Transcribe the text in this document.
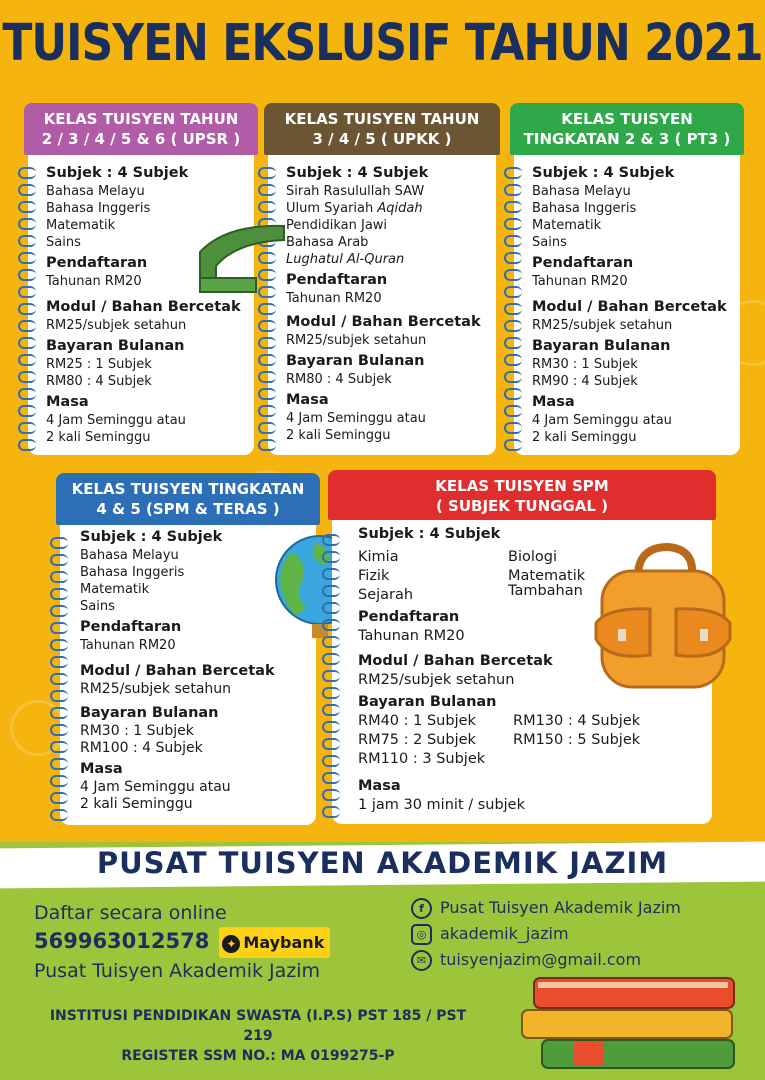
TUISYEN EKSLUSIF TAHUN 2021
KELAS TUISYEN TAHUN
2 / 3 / 4 / 5 & 6 ( UPSR )
Subjek : 4 Subjek
Bahasa Melayu
Bahasa Inggeris
Matematik
Sains
Pendaftaran
Tahunan RM20
Modul / Bahan Bercetak
RM25/subjek setahun
Bayaran Bulanan
RM25 : 1 Subjek
RM80 : 4 Subjek
Masa
4 Jam Seminggu atau
2 kali Seminggu
KELAS TUISYEN TAHUN
3 / 4 / 5 ( UPKK )
Subjek : 4 Subjek
Sirah Rasulullah SAW
Ulum Syariah Aqidah
Pendidikan Jawi
Bahasa Arab
Lughatul Al-Quran
Pendaftaran
Tahunan RM20
Modul / Bahan Bercetak
RM25/subjek setahun
Bayaran Bulanan
RM80 : 4 Subjek
Masa
4 Jam Seminggu atau
2 kali Seminggu
KELAS TUISYEN
TINGKATAN 2 & 3 ( PT3 )
Subjek : 4 Subjek
Bahasa Melayu
Bahasa Inggeris
Matematik
Sains
Pendaftaran
Tahunan RM20
Modul / Bahan Bercetak
RM25/subjek setahun
Bayaran Bulanan
RM30 : 1 Subjek
RM90 : 4 Subjek
Masa
4 Jam Seminggu atau
2 kali Seminggu
KELAS TUISYEN TINGKATAN
4 & 5 (SPM & TERAS )
Subjek : 4 Subjek
Bahasa Melayu
Bahasa Inggeris
Matematik
Sains
Pendaftaran
Tahunan RM20
Modul / Bahan Bercetak
RM25/subjek setahun
Bayaran Bulanan
RM30 : 1 Subjek
RM100 : 4 Subjek
Masa
4 Jam Seminggu atau
2 kali Seminggu
KELAS TUISYEN SPM
( SUBJEK TUNGGAL )
Subjek : 4 Subjek
Kimia
Fizik
Sejarah
Biologi
Matematik
Tambahan
Pendaftaran
Tahunan RM20
Modul / Bahan Bercetak
RM25/subjek setahun
Bayaran Bulanan
RM40 : 1 Subjek
RM75 : 2 Subjek
RM110 : 3 Subjek
RM130 : 4 Subjek
RM150 : 5 Subjek
Masa
1 jam 30 minit / subjek
PUSAT TUISYEN AKADEMIK JAZIM
Daftar secara online
569963012578 ✦ Maybank
Pusat Tuisyen Akademik Jazim
f Pusat Tuisyen Akademik Jazim
◎ akademik_jazim
✉ tuisyenjazim@gmail.com
INSTITUSI PENDIDIKAN SWASTA (I.P.S) PST 185 / PST 219
REGISTER SSM NO.: MA 0199275-P
